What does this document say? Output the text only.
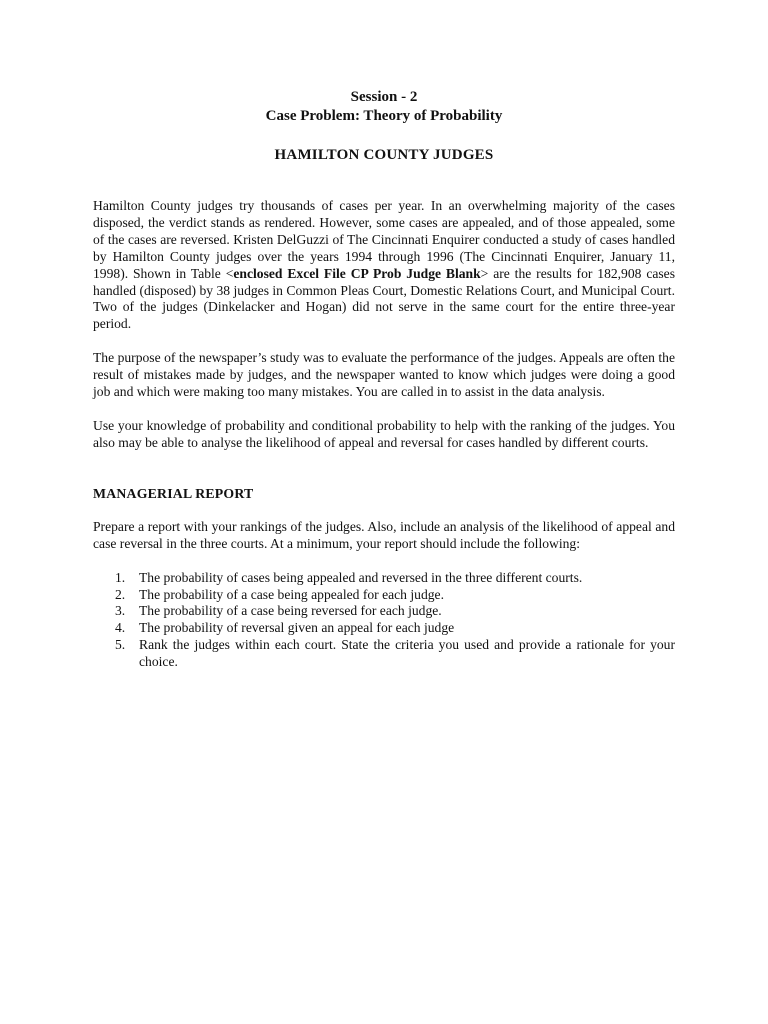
Session - 2
Case Problem: Theory of Probability
HAMILTON COUNTY JUDGES

Hamilton County judges try thousands of cases per year. In an overwhelming majority of the cases disposed, the verdict stands as rendered. However, some cases are appealed, and of those appealed, some of the cases are reversed. Kristen DelGuzzi of The Cincinnati Enquirer conducted a study of cases handled by Hamilton County judges over the years 1994 through 1996 (The Cincinnati Enquirer, January 11, 1998). Shown in Table <enclosed Excel File CP Prob Judge Blank> are the results for 182,908 cases handled (disposed) by 38 judges in Common Pleas Court, Domestic Relations Court, and Municipal Court. Two of the judges (Dinkelacker and Hogan) did not serve in the same court for the entire three-year period.

The purpose of the newspaper’s study was to evaluate the performance of the judges. Appeals are often the result of mistakes made by judges, and the newspaper wanted to know which judges were doing a good job and which were making too many mistakes. You are called in to assist in the data analysis.

Use your knowledge of probability and conditional probability to help with the ranking of the judges. You also may be able to analyse the likelihood of appeal and reversal for cases handled by different courts.

MANAGERIAL REPORT

Prepare a report with your rankings of the judges. Also, include an analysis of the likelihood of appeal and case reversal in the three courts. At a minimum, your report should include the following:

1. The probability of cases being appealed and reversed in the three different courts.
2. The probability of a case being appealed for each judge.
3. The probability of a case being reversed for each judge.
4. The probability of reversal given an appeal for each judge
5. Rank the judges within each court. State the criteria you used and provide a rationale for your choice.
